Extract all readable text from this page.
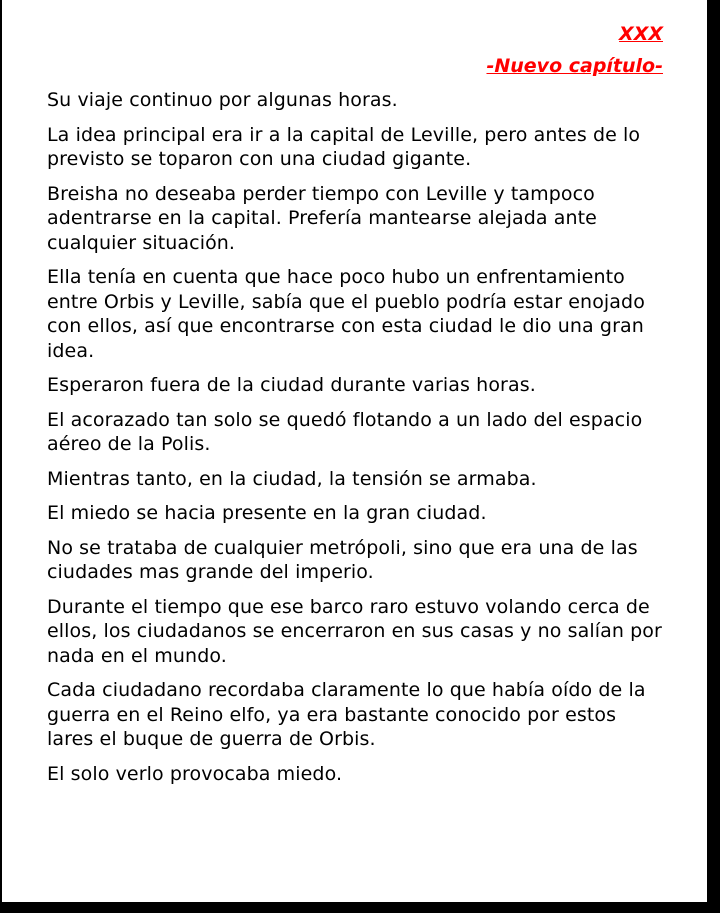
XXX

-Nuevo capítulo-

Su viaje continuo por algunas horas.

La idea principal era ir a la capital de Leville, pero antes de lo previsto se toparon con una ciudad gigante.

Breisha no deseaba perder tiempo con Leville y tampoco adentrarse en la capital. Prefería mantearse alejada ante cualquier situación.

Ella tenía en cuenta que hace poco hubo un enfrentamiento entre Orbis y Leville, sabía que el pueblo podría estar enojado con ellos, así que encontrarse con esta ciudad le dio una gran idea.

Esperaron fuera de la ciudad durante varias horas.

El acorazado tan solo se quedó flotando a un lado del espacio aéreo de la Polis.

Mientras tanto, en la ciudad, la tensión se armaba.

El miedo se hacia presente en la gran ciudad.

No se trataba de cualquier metrópoli, sino que era una de las ciudades mas grande del imperio.

Durante el tiempo que ese barco raro estuvo volando cerca de ellos, los ciudadanos se encerraron en sus casas y no salían por nada en el mundo.

Cada ciudadano recordaba claramente lo que había oído de la guerra en el Reino elfo, ya era bastante conocido por estos lares el buque de guerra de Orbis.

El solo verlo provocaba miedo.
